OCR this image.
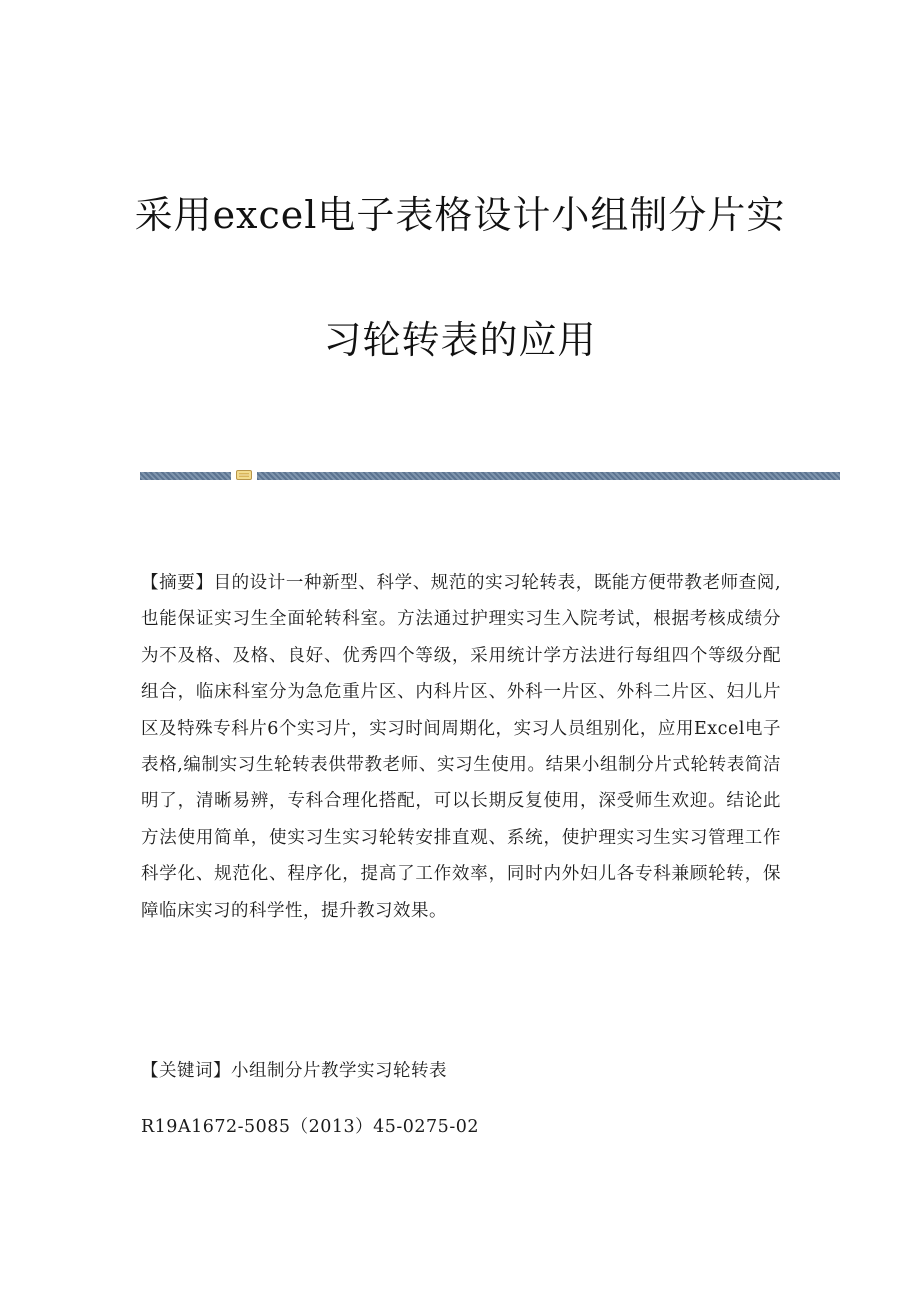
采用excel电子表格设计小组制分片实
习轮转表的应用
【摘要】目的设计一种新型、科学、规范的实习轮转表，既能方便带教老师查阅,也能保证实习生全面轮转科室。方法通过护理实习生入院考试，根据考核成绩分为不及格、及格、良好、优秀四个等级，采用统计学方法进行每组四个等级分配组合，临床科室分为急危重片区、内科片区、外科一片区、外科二片区、妇儿片区及特殊专科片6个实习片，实习时间周期化，实习人员组别化，应用Excel电子表格,编制实习生轮转表供带教老师、实习生使用。结果小组制分片式轮转表简洁明了，清晰易辨，专科合理化搭配，可以长期反复使用，深受师生欢迎。结论此方法使用简单，使实习生实习轮转安排直观、系统，使护理实习生实习管理工作科学化、规范化、程序化，提高了工作效率，同时内外妇儿各专科兼顾轮转，保障临床实习的科学性，提升教习效果。
【关键词】小组制分片教学实习轮转表
R19A1672-5085（2013）45-0275-02
